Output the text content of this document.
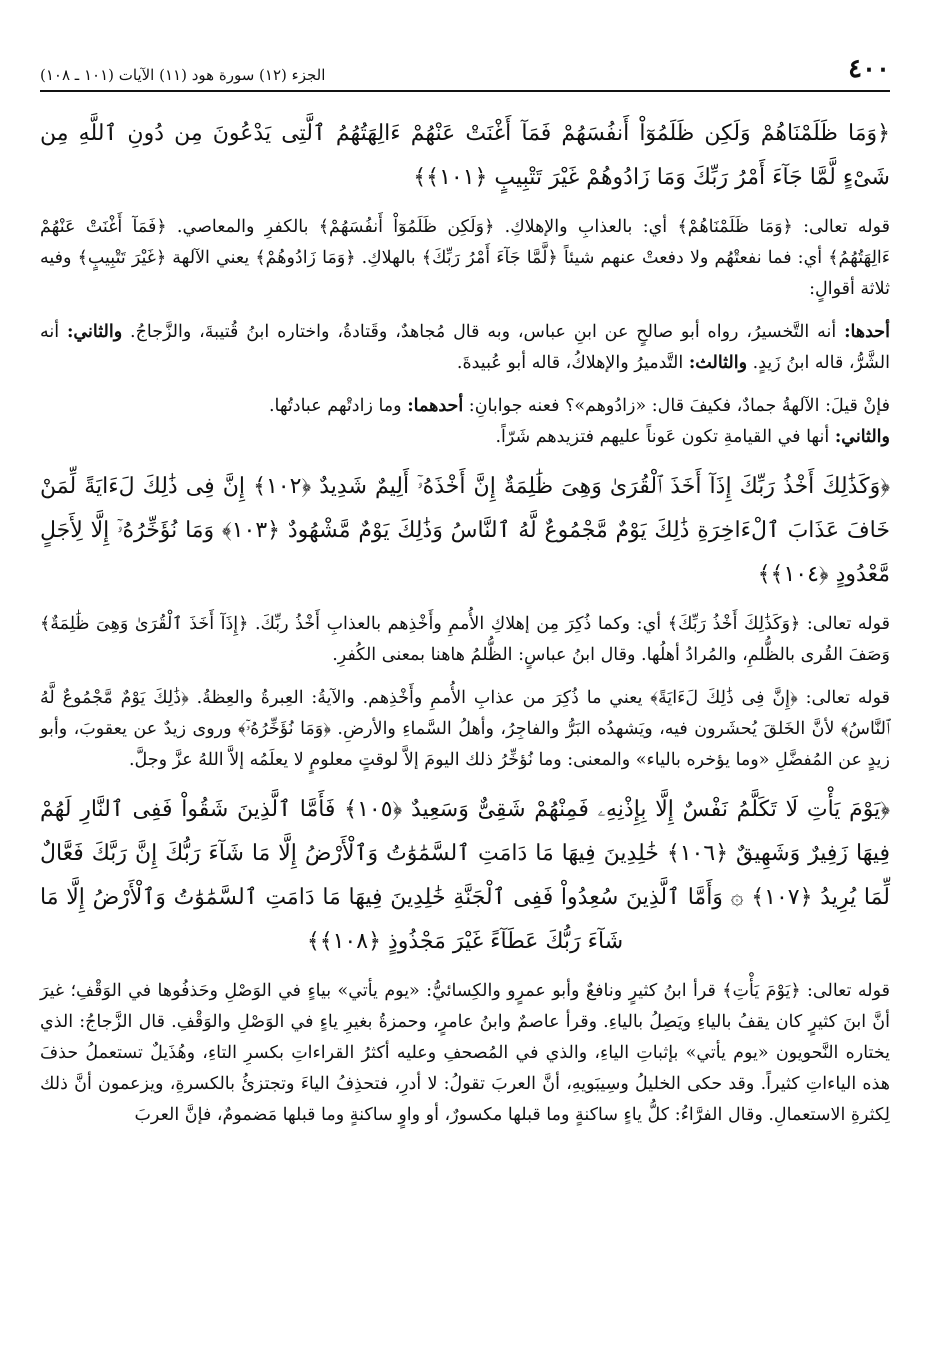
٤٠٠
الجزء (١٢) سورة هود (١١) الآيات (١٠١ ـ ١٠٨)

﴿وَمَا ظَلَمْنَاهُمْ وَلَكِن ظَلَمُوٓاْ أَنفُسَهُمْ فَمَآ أَغْنَتْ عَنْهُمْ ءَالِهَتُهُمُ ٱلَّتِى يَدْعُونَ مِن دُونِ ٱللَّهِ مِن شَىْءٍ لَّمَّا جَآءَ أَمْرُ رَبِّكَ وَمَا زَادُوهُمْ غَيْرَ تَتْبِيبٍ ﴿١٠١﴾﴾

قوله تعالى: ﴿وَمَا ظَلَمْنَاهُمْ﴾ أي: بالعذابِ والإهلاكِ. ﴿وَلَكِن ظَلَمُوٓاْ أَنفُسَهُمْ﴾ بالكفرِ والمعاصي. ﴿فَمَآ أَغْنَتْ عَنْهُمْ ءَالِهَتُهُمُ﴾ أي: فما نفعتْهُم ولا دفعتْ عنهم شيئاً ﴿لَّمَّا جَآءَ أَمْرُ رَبِّكَ﴾ بالهلاكِ. ﴿وَمَا زَادُوهُمْ﴾ يعني الآلهة ﴿غَيْرَ تَتْبِيبٍ﴾ وفيه ثلاثة أقوالٍ:

أحدها: أنه التَّخسيرُ، رواه أبو صالحٍ عن ابنِ عباس، وبه قال مُجاهدٌ، وقَتادةُ، واختاره ابنُ قُتيبةَ، والزَّجاجُ. والثاني: أنه الشَّرُّ، قاله ابنُ زَيدٍ. والثالث: التَّدميرُ والإهلاكُ، قاله أبو عُبيدةَ.

فإنْ قيلَ: الآلهةُ جمادٌ، فكيفَ قال: «زادُوهم»؟ فعنه جوابانِ: أحدهما: وما زادتْهم عبادتُها.
والثاني: أنها في القيامةِ تكون عَوناً عليهم فتزيدهم شَرّاً.

﴿وَكَذَٰلِكَ أَخْذُ رَبِّكَ إِذَآ أَخَذَ ٱلْقُرَىٰ وَهِىَ ظَٰلِمَةٌ إِنَّ أَخْذَهُۥٓ أَلِيمٌ شَدِيدٌ ﴿١٠٢﴾ إِنَّ فِى ذَٰلِكَ لَءَايَةً لِّمَنْ خَافَ عَذَابَ ٱلْءَاخِرَةِ ذَٰلِكَ يَوْمٌ مَّجْمُوعٌ لَّهُ ٱلنَّاسُ وَذَٰلِكَ يَوْمٌ مَّشْهُودٌ ﴿١٠٣﴾ وَمَا نُؤَخِّرُهُۥٓ إِلَّا لِأَجَلٍ مَّعْدُودٍ ﴿١٠٤﴾﴾

قوله تعالى: ﴿وَكَذَٰلِكَ أَخْذُ رَبِّكَ﴾ أي: وكما ذُكِرَ مِن إهلاكِ الأُممِ وأَخْذِهم بالعذابِ أَخْذُ ربِّكَ. ﴿إِذَآ أَخَذَ ٱلْقُرَىٰ وَهِىَ ظَٰلِمَةٌ﴾ وَصَفَ القُرى بالظُّلمِ، والمُرادُ أهلُها. وقال ابنُ عباسٍ: الظُّلمُ هاهنا بمعنى الكُفرِ.

قوله تعالى: ﴿إِنَّ فِى ذَٰلِكَ لَءَايَةً﴾ يعني ما ذُكِرَ من عذابِ الأُممِ وأَخْذِهم. والآيةُ: العِبرةُ والعِظةُ. ﴿ذَٰلِكَ يَوْمٌ مَّجْمُوعٌ لَّهُ ٱلنَّاسُ﴾ لأنَّ الخَلقَ يُحشَرون فيه، ويَشهدُه البَرُّ والفاجِرُ، وأهلُ السَّماءِ والأرضِ. ﴿وَمَا نُؤَخِّرُهُۥٓ﴾ وروى زيدٌ عن يعقوبَ، وأبو زيدٍ عن المُفضَّلِ «وما يؤخره بالياء» والمعنى: وما نُؤخِّرُ ذلك اليومَ إلاَّ لوقتٍ معلومٍ لا يعلَمُه إلاَّ اللهُ عزَّ وجلَّ.

﴿يَوْمَ يَأْتِ لَا تَكَلَّمُ نَفْسٌ إِلَّا بِإِذْنِهِۦ فَمِنْهُمْ شَقِىٌّ وَسَعِيدٌ ﴿١٠٥﴾ فَأَمَّا ٱلَّذِينَ شَقُواْ فَفِى ٱلنَّارِ لَهُمْ فِيهَا زَفِيرٌ وَشَهِيقٌ ﴿١٠٦﴾ خَٰلِدِينَ فِيهَا مَا دَامَتِ ٱلسَّمَٰوَٰتُ وَٱلْأَرْضُ إِلَّا مَا شَآءَ رَبُّكَ إِنَّ رَبَّكَ فَعَّالٌ لِّمَا يُرِيدُ ﴿١٠٧﴾ ۞ وَأَمَّا ٱلَّذِينَ سُعِدُواْ فَفِى ٱلْجَنَّةِ خَٰلِدِينَ فِيهَا مَا دَامَتِ ٱلسَّمَٰوَٰتُ وَٱلْأَرْضُ إِلَّا مَا شَآءَ رَبُّكَ عَطَآءً غَيْرَ مَجْذُوذٍ ﴿١٠٨﴾﴾

قوله تعالى: ﴿يَوْمَ يَأْتِ﴾ قرأ ابنُ كثيرٍ ونافعٌ وأبو عمرٍو والكِسائيُّ: «يوم يأتي» بياءٍ في الوَصْلِ وحَذفُوها في الوَقْفِ؛ غيرَ أنَّ ابنَ كثيرٍ كان يقفُ بالياءِ ويَصِلُ بالياءِ. وقرأ عاصمٌ وابنُ عامرٍ، وحمزةُ بغيرِ ياءٍ في الوَصْلِ والوَقْفِ. قال الزَّجاجُ: الذي يختاره النَّحويون «يوم يأتي» بإثباتِ الياءِ، والذي في المُصحفِ وعليه أكثرُ القراءاتِ بكسرِ التاءِ، وهُذَيلٌ تستعملُ حذفَ هذه الياءاتِ كثيراً. وقد حكى الخليلُ وسِيبَويهِ، أنَّ العربَ تقولُ: لا أدرِ، فتحذِفُ الياءَ وتجتزئُ بالكسرةِ، ويزعمون أنَّ ذلك لِكثرةِ الاستعمالِ. وقال الفرَّاءُ: كلُّ ياءٍ ساكنةٍ وما قبلها مكسورٌ، أو واوٍ ساكنةٍ وما قبلها مَضمومٌ، فإنَّ العربَ
